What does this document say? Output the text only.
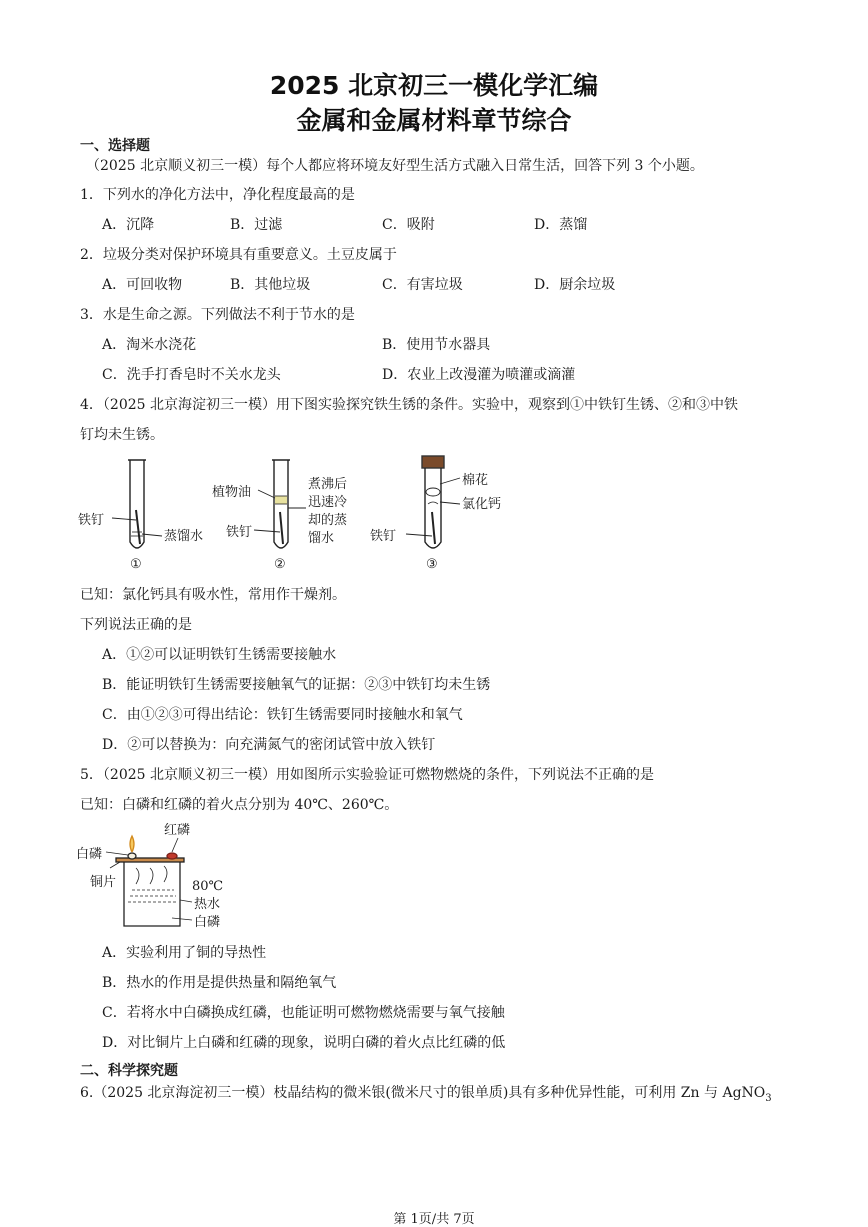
2025 北京初三一模化学汇编
金属和金属材料章节综合
一、选择题
（2025 北京顺义初三一模）每个人都应将环境友好型生活方式融入日常生活，回答下列 3 个小题。
1．下列水的净化方法中，净化程度最高的是
A．沉降	B．过滤	C．吸附	D．蒸馏
2．垃圾分类对保护环境具有重要意义。土豆皮属于
A．可回收物	B．其他垃圾	C．有害垃圾	D．厨余垃圾
3．水是生命之源。下列做法不利于节水的是
A．淘米水浇花	B．使用节水器具
C．洗手打香皂时不关水龙头	D．农业上改漫灌为喷灌或滴灌
4．（2025 北京海淀初三一模）用下图实验探究铁生锈的条件。实验中，观察到①中铁钉生锈、②和③中铁
钉均未生锈。
铁钉
蒸馏水
①
植物油
煮沸后
迅速冷
却的蒸
馏水
铁钉
②
棉花
氯化钙
铁钉
③
已知：氯化钙具有吸水性，常用作干燥剂。
下列说法正确的是
A．①②可以证明铁钉生锈需要接触水
B．能证明铁钉生锈需要接触氧气的证据：②③中铁钉均未生锈
C．由①②③可得出结论：铁钉生锈需要同时接触水和氧气
D．②可以替换为：向充满氮气的密闭试管中放入铁钉
5．（2025 北京顺义初三一模）用如图所示实验验证可燃物燃烧的条件，下列说法不正确的是
已知：白磷和红磷的着火点分别为 40℃、260℃。
红磷
白磷
铜片	80℃
热水
白磷
A．实验利用了铜的导热性
B．热水的作用是提供热量和隔绝氧气
C．若将水中白磷换成红磷，也能证明可燃物燃烧需要与氧气接触
D．对比铜片上白磷和红磷的现象，说明白磷的着火点比红磷的低
二、科学探究题
6.（2025 北京海淀初三一模）枝晶结构的微米银(微米尺寸的银单质)具有多种优异性能，可利用 Zn 与 AgNO$_3$
第 1页/共 7页
